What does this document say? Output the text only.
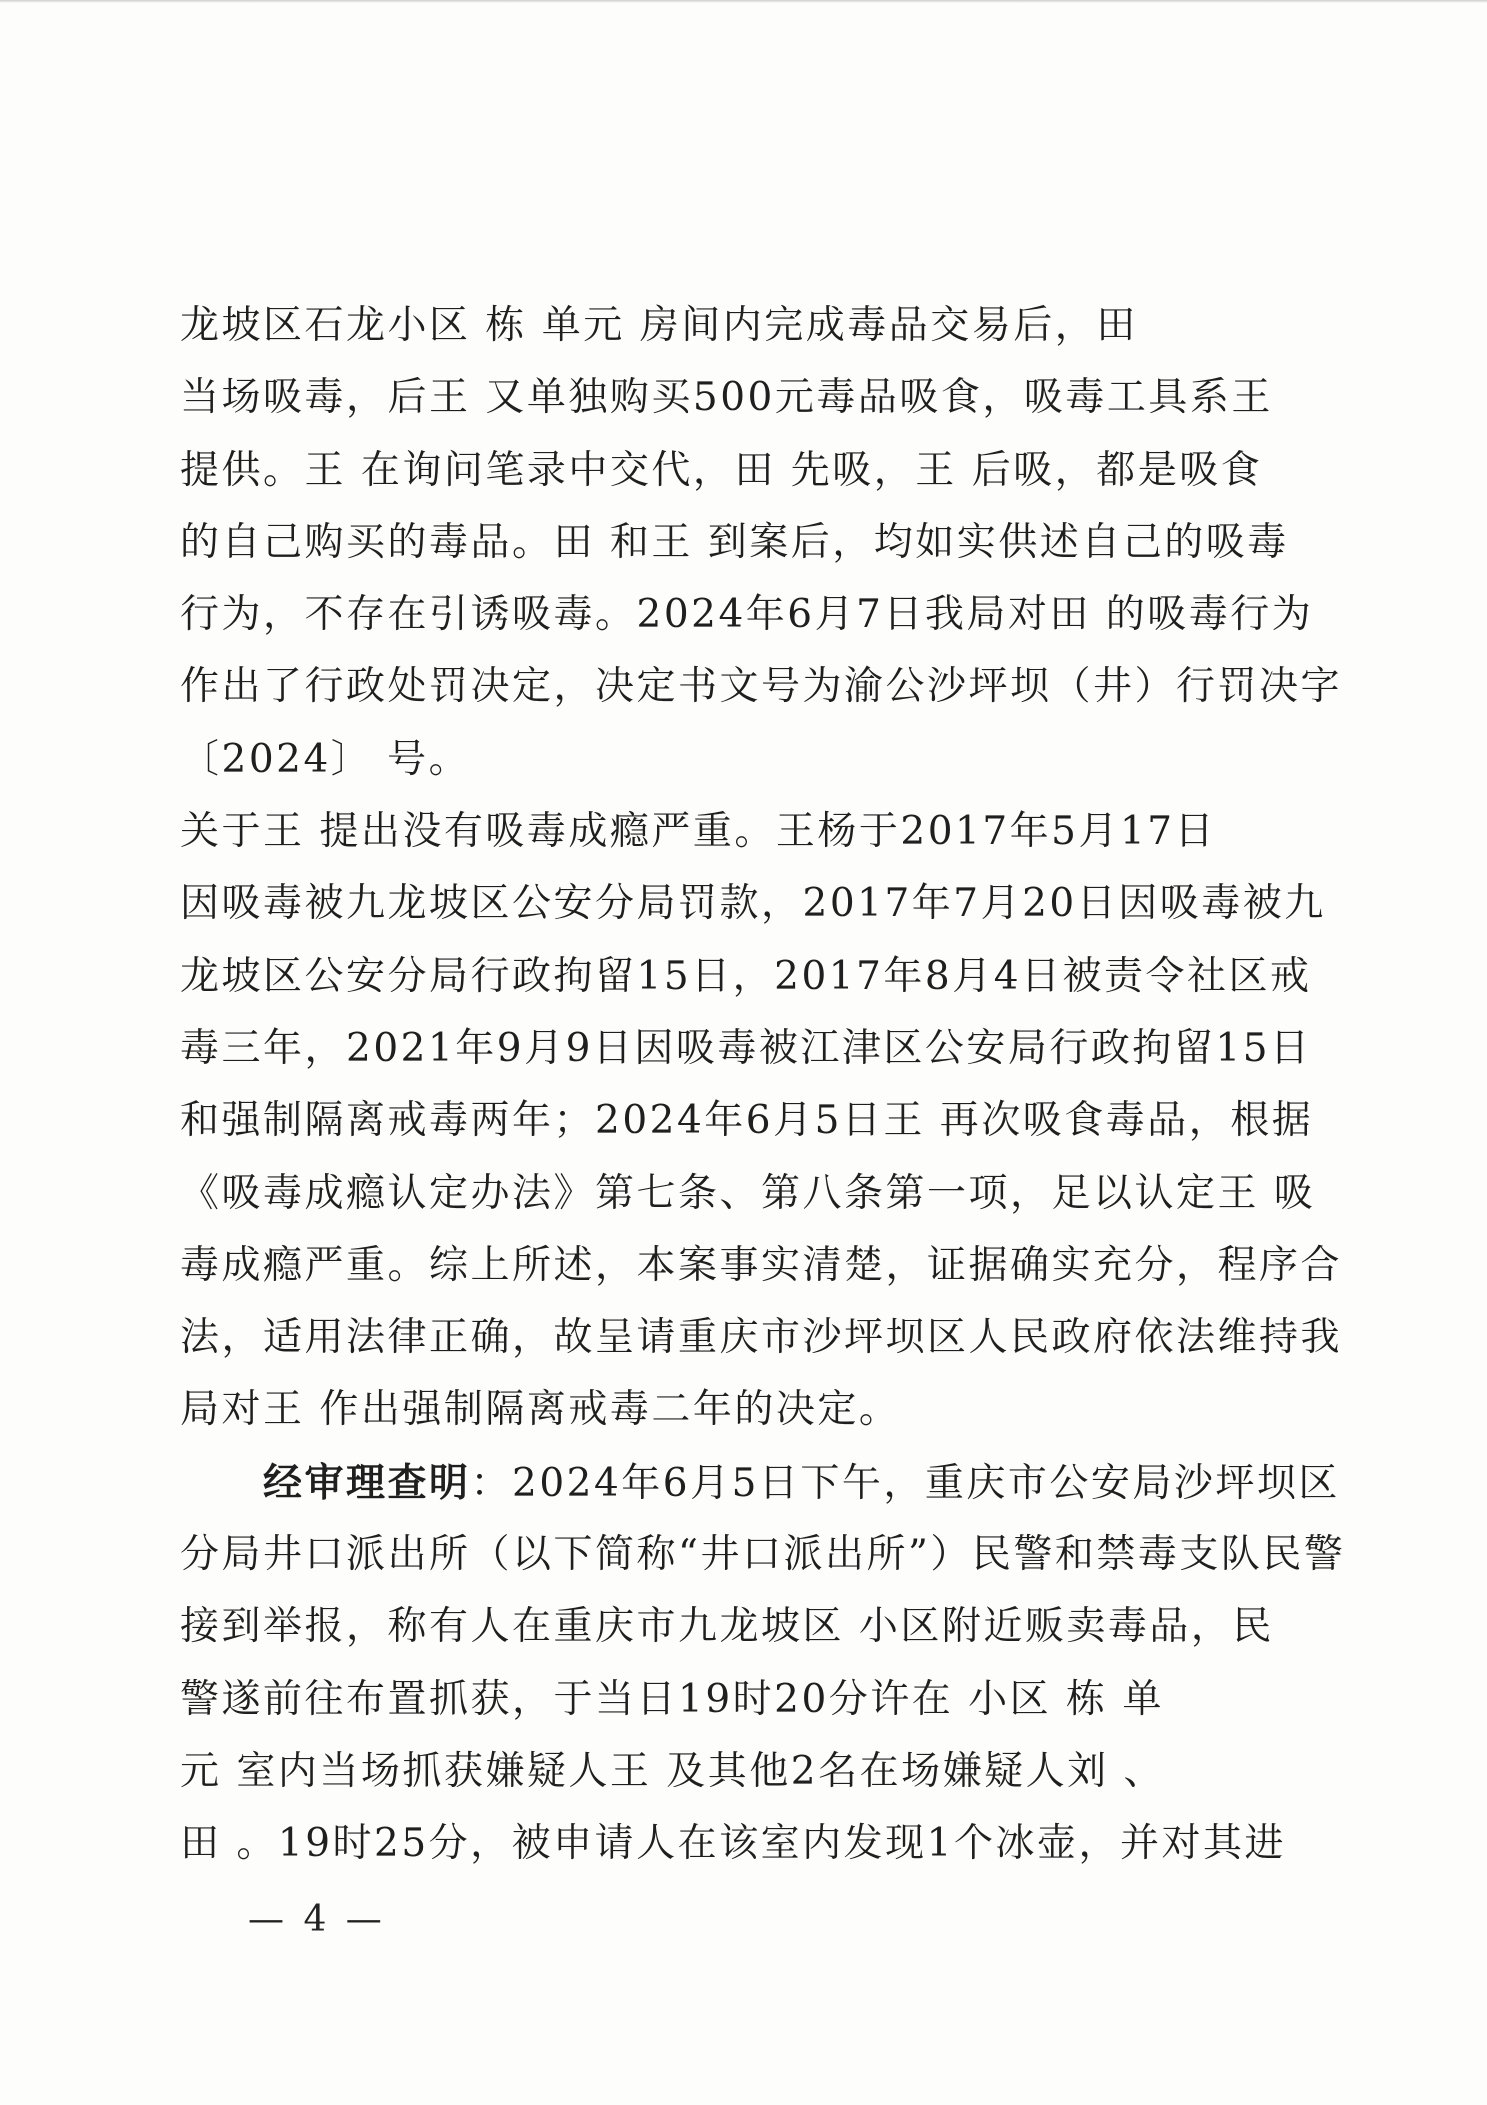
龙坡区石龙小区 栋 单元 房间内完成毒品交易后，田
当场吸毒，后王 又单独购买500元毒品吸食，吸毒工具系王
提供。王 在询问笔录中交代，田 先吸，王 后吸，都是吸食
的自己购买的毒品。田 和王 到案后，均如实供述自己的吸毒
行为，不存在引诱吸毒。2024年6月7日我局对田 的吸毒行为
作出了行政处罚决定，决定书文号为渝公沙坪坝（井）行罚决字
〔2024〕 号。
关于王 提出没有吸毒成瘾严重。王杨于2017年5月17日
因吸毒被九龙坡区公安分局罚款，2017年7月20日因吸毒被九
龙坡区公安分局行政拘留15日，2017年8月4日被责令社区戒
毒三年，2021年9月9日因吸毒被江津区公安局行政拘留15日
和强制隔离戒毒两年；2024年6月5日王 再次吸食毒品，根据
《吸毒成瘾认定办法》第七条、第八条第一项，足以认定王 吸
毒成瘾严重。综上所述，本案事实清楚，证据确实充分，程序合
法，适用法律正确，故呈请重庆市沙坪坝区人民政府依法维持我
局对王 作出强制隔离戒毒二年的决定。
　　经审理查明：2024年6月5日下午，重庆市公安局沙坪坝区
分局井口派出所（以下简称“井口派出所”）民警和禁毒支队民警
接到举报，称有人在重庆市九龙坡区 小区附近贩卖毒品，民
警遂前往布置抓获，于当日19时20分许在 小区 栋 单
元 室内当场抓获嫌疑人王 及其他2名在场嫌疑人刘 、
田 。19时25分，被申请人在该室内发现1个冰壶，并对其进
— 4 —
